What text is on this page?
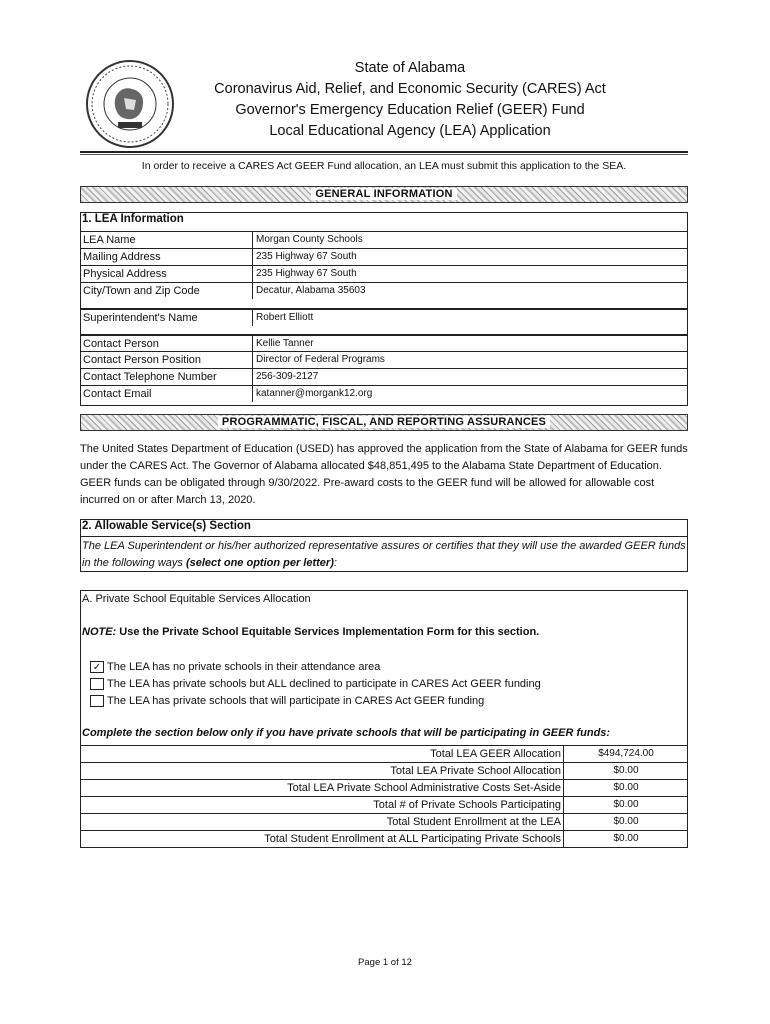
State of Alabama
Coronavirus Aid, Relief, and Economic Security (CARES) Act
Governor's Emergency Education Relief (GEER) Fund
Local Educational Agency (LEA) Application
In order to receive a CARES Act GEER Fund allocation, an LEA must submit this application to the SEA.
GENERAL INFORMATION
1. LEA Information
LEA Name	Morgan County Schools
Mailing Address	235 Highway 67 South
Physical Address	235 Highway 67 South
City/Town and Zip Code	Decatur, Alabama 35603
Superintendent's Name	Robert Elliott
Contact Person	Kellie Tanner
Contact Person Position	Director of Federal Programs
Contact Telephone Number	256-309-2127
Contact Email	katanner@morgank12.org
PROGRAMMATIC, FISCAL, AND REPORTING ASSURANCES
The United States Department of Education (USED) has approved the application from the State of Alabama for GEER funds under the CARES Act. The Governor of Alabama allocated $48,851,495 to the Alabama State Department of Education. GEER funds can be obligated through 9/30/2022. Pre-award costs to the GEER fund will be allowed for allowable cost incurred on or after March 13, 2020.
2. Allowable Service(s) Section
The LEA Superintendent or his/her authorized representative assures or certifies that they will use the awarded GEER funds in the following ways (select one option per letter):
A. Private School Equitable Services Allocation
NOTE: Use the Private School Equitable Services Implementation Form for this section.
✓ The LEA has no private schools in their attendance area
The LEA has private schools but ALL declined to participate in CARES Act GEER funding
The LEA has private schools that will participate in CARES Act GEER funding
Complete the section below only if you have private schools that will be participating in GEER funds:
Total LEA GEER Allocation	$494,724.00
Total LEA Private School Allocation	$0.00
Total LEA Private School Administrative Costs Set-Aside	$0.00
Total # of Private Schools Participating	$0.00
Total Student Enrollment at the LEA	$0.00
Total Student Enrollment at ALL Participating Private Schools	$0.00
Page 1 of 12
